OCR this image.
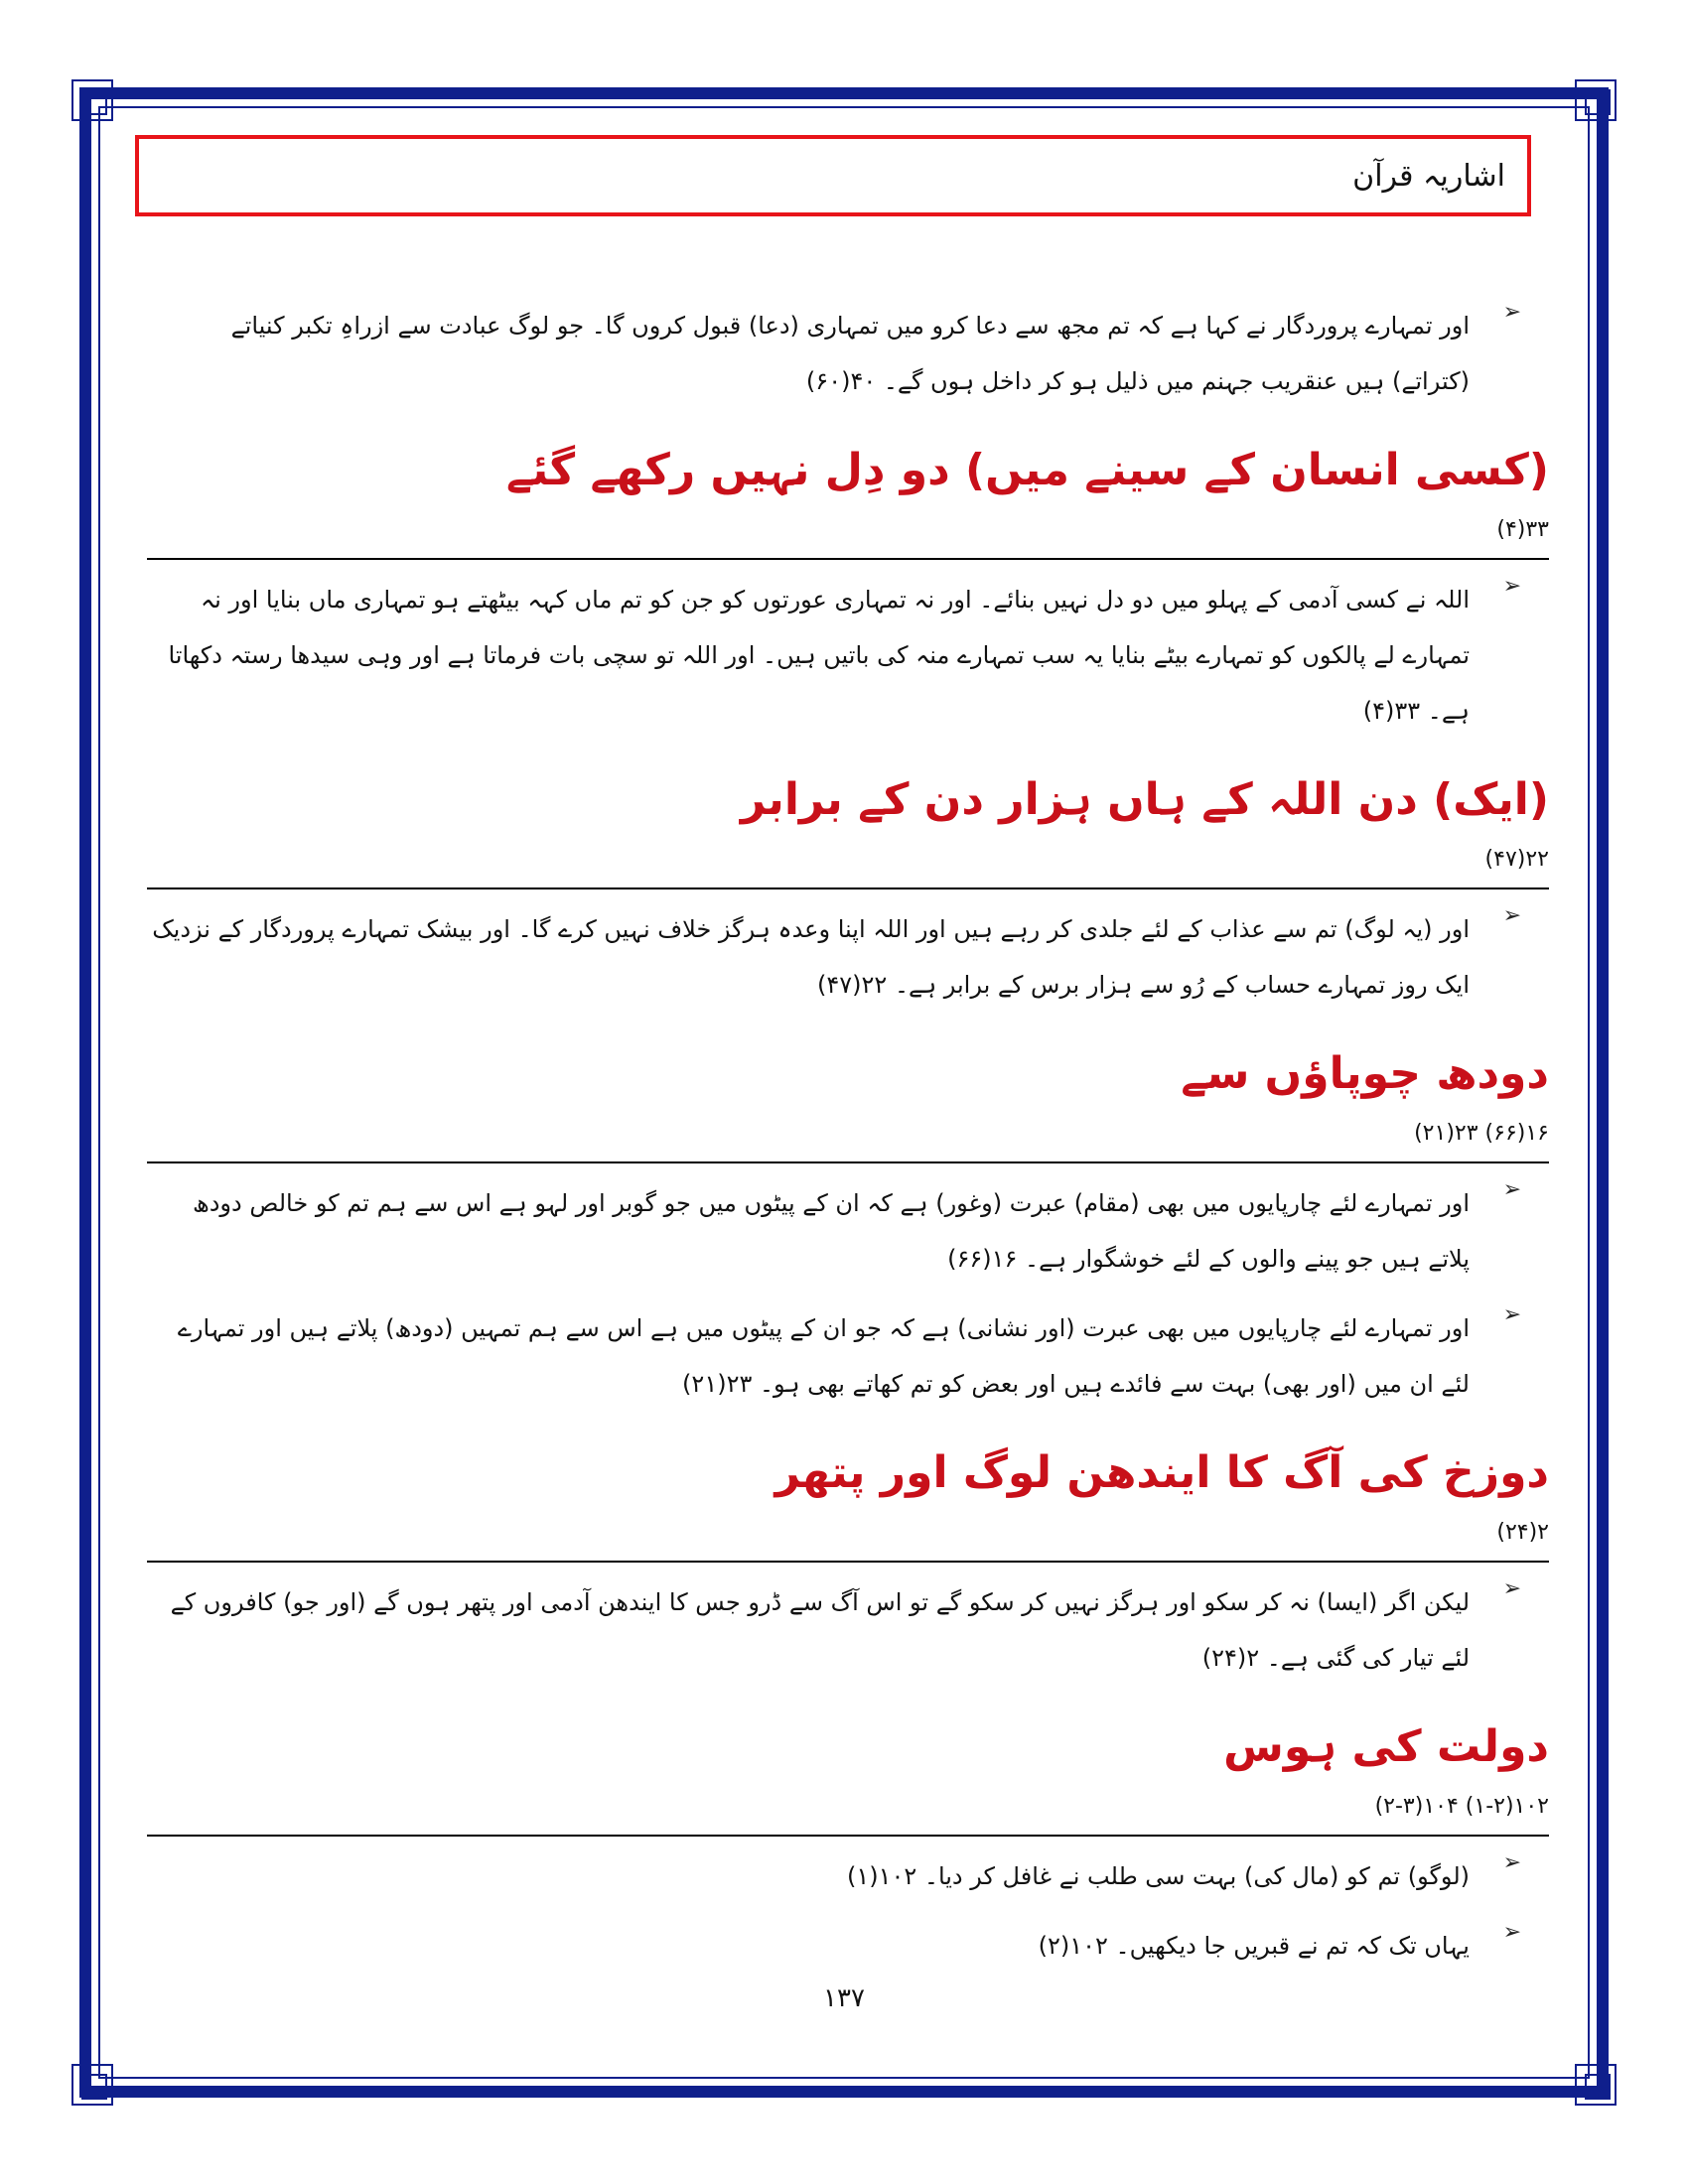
اشاریہ قرآن
➢
اور تمہارے پروردگار نے کہا ہے کہ تم مجھ سے دعا کرو میں تمہاری (دعا) قبول کروں گا۔ جو لوگ عبادت سے ازراہِ تکبر کنیاتے (کتراتے) ہیں عنقریب جہنم میں ذلیل ہو کر داخل ہوں گے۔ ۴۰(۶۰)
(کسی انسان کے سینے میں) دو دِل نہیں رکھے گئے
۳۳(۴)
➢
اللہ نے کسی آدمی کے پہلو میں دو دل نہیں بنائے۔ اور نہ تمہاری عورتوں کو جن کو تم ماں کہہ بیٹھتے ہو تمہاری ماں بنایا اور نہ تمہارے لے پالکوں کو تمہارے بیٹے بنایا یہ سب تمہارے منہ کی باتیں ہیں۔ اور اللہ تو سچی بات فرماتا ہے اور وہی سیدھا رستہ دکھاتا ہے۔ ۳۳(۴)
(ایک) دن اللہ کے ہاں ہزار دن کے برابر
۲۲(۴۷)
➢
اور (یہ لوگ) تم سے عذاب کے لئے جلدی کر رہے ہیں اور اللہ اپنا وعدہ ہرگز خلاف نہیں کرے گا۔ اور بیشک تمہارے پروردگار کے نزدیک ایک روز تمہارے حساب کے رُو سے ہزار برس کے برابر ہے۔ ۲۲(۴۷)
دودھ چوپاؤں سے
۱۶(۶۶) ۲۳(۲۱)
➢
اور تمہارے لئے چارپایوں میں بھی (مقام) عبرت (وغور) ہے کہ ان کے پیٹوں میں جو گوبر اور لہو ہے اس سے ہم تم کو خالص دودھ پلاتے ہیں جو پینے والوں کے لئے خوشگوار ہے۔ ۱۶(۶۶)
➢
اور تمہارے لئے چارپایوں میں بھی عبرت (اور نشانی) ہے کہ جو ان کے پیٹوں میں ہے اس سے ہم تمہیں (دودھ) پلاتے ہیں اور تمہارے لئے ان میں (اور بھی) بہت سے فائدے ہیں اور بعض کو تم کھاتے بھی ہو۔ ۲۳(۲۱)
دوزخ کی آگ کا ایندھن لوگ اور پتھر
۲(۲۴)
➢
لیکن اگر (ایسا) نہ کر سکو اور ہرگز نہیں کر سکو گے تو اس آگ سے ڈرو جس کا ایندھن آدمی اور پتھر ہوں گے (اور جو) کافروں کے لئے تیار کی گئی ہے۔ ۲(۲۴)
دولت کی ہوس
۱۰۲(۱-۲) ۱۰۴(۲-۳)
➢
(لوگو) تم کو (مال کی) بہت سی طلب نے غافل کر دیا۔ ۱۰۲(۱)
➢
یہاں تک کہ تم نے قبریں جا دیکھیں۔ ۱۰۲(۲)
۱۳۷
